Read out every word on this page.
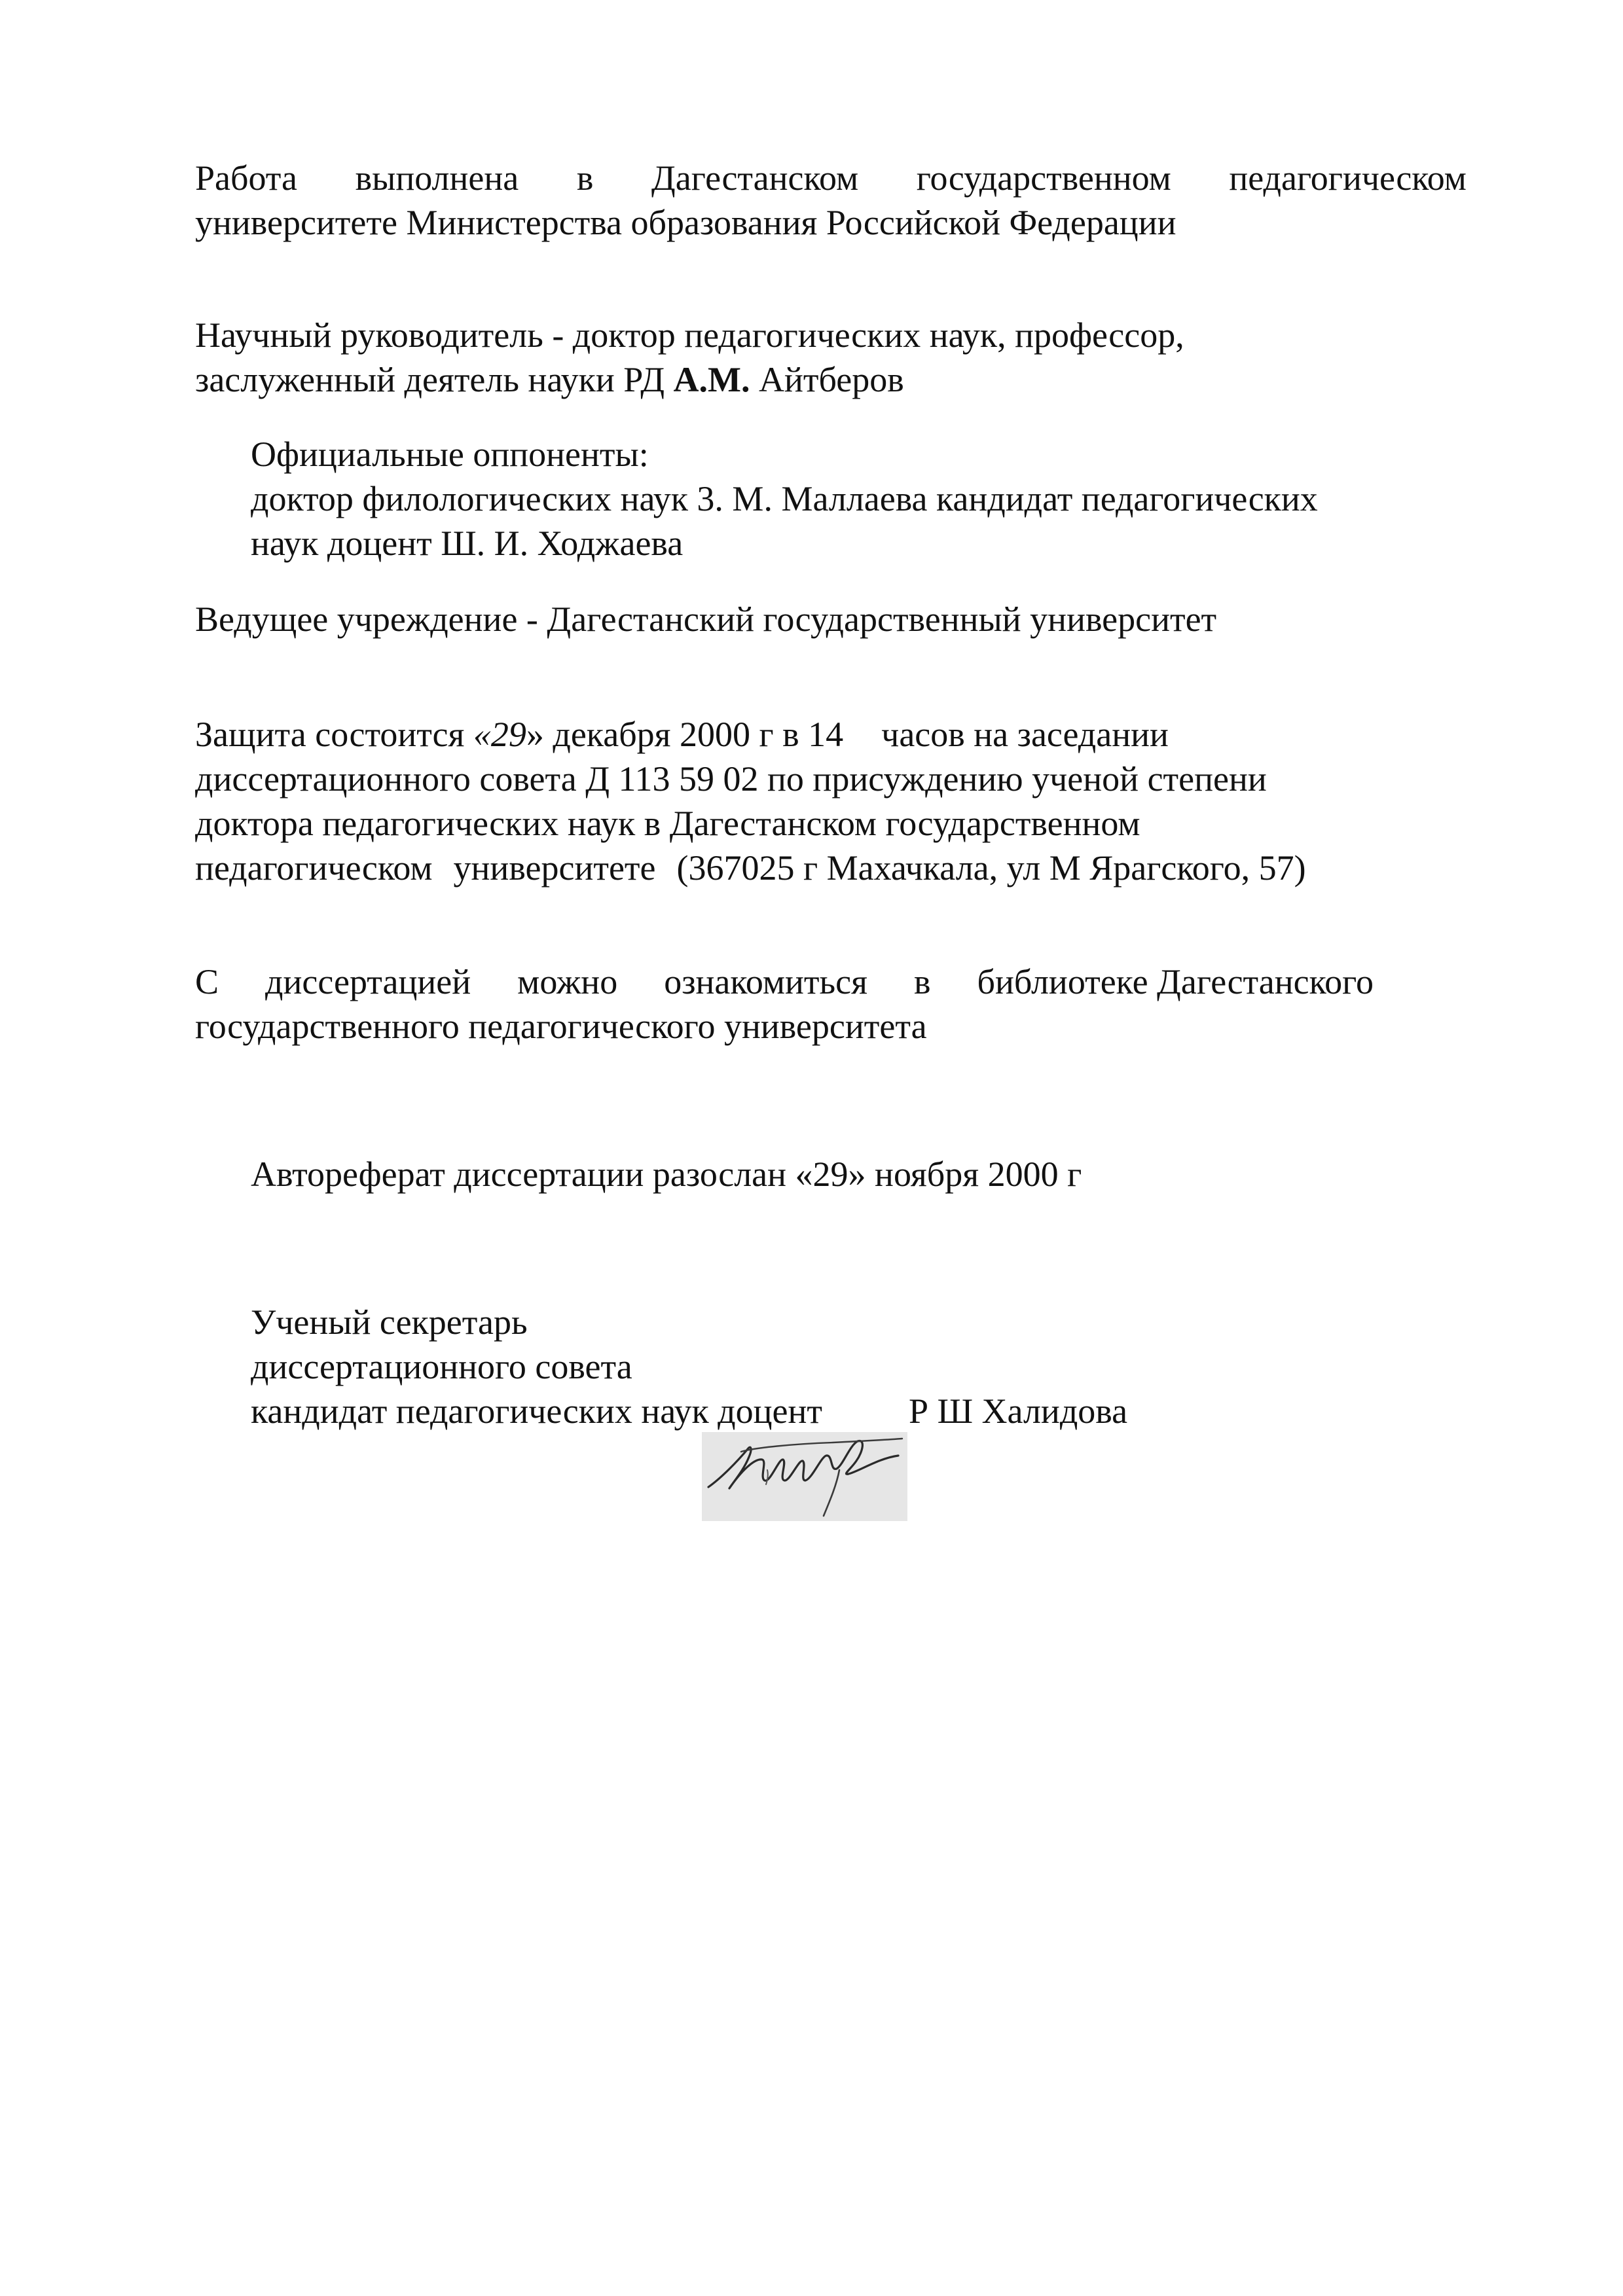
Работа выполнена в Дагестанском государственном педагогическом
университете Министерства образования Российской Федерации
Научный руководитель - доктор педагогических наук, профессор,
заслуженный деятель науки РД А.М. Айтберов
Официальные оппоненты:
доктор филологических наук 3. М. Маллаева кандидат педагогических
наук доцент Ш. И. Ходжаева
Ведущее учреждение - Дагестанский государственный университет
Защита состоится «29» декабря 2000 г в 14 часов на заседании
диссертационного совета Д 113 59 02 по присуждению ученой степени
доктора педагогических наук в Дагестанском государственном
педагогическом университете (367025 г Махачкала, ул М Ярагского, 57)
С диссертацией можно ознакомиться в библиотеке Дагестанского
государственного педагогического университета
Автореферат диссертации разослан «29» ноября 2000 г
Ученый секретарь
диссертационного совета
кандидат педагогических наук доцент Р Ш Халидова
